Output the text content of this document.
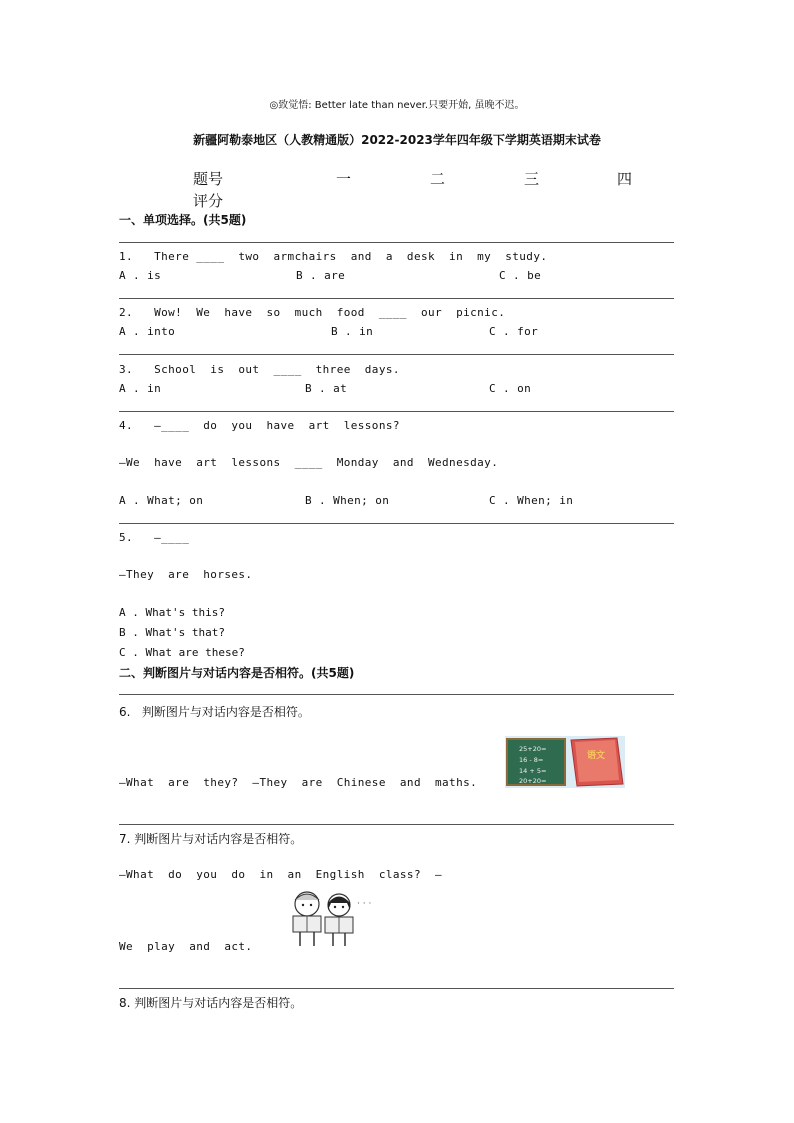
◎致觉悟: Better late than never.只要开始, 虽晚不迟。
新疆阿勒泰地区（人教精通版）2022-2023学年四年级下学期英语期末试卷
题号	一	二	三	四
评分
一、单项选择。(共5题)
1.   There ____  two  armchairs  and  a  desk  in  my  study.
A . is	B . are	C . be
2.   Wow!  We  have  so  much  food  ____  our  picnic.
A . into	B . in	C . for
3.   School  is  out  ____  three  days.
A . in	B . at	C . on
4.   —____  do  you  have  art  lessons?
—We  have  art  lessons  ____  Monday  and  Wednesday.
A . What; on	B . When; on	C . When; in
5.   —____
—They  are  horses.
A . What's this?
B . What's that?
C . What are these?
二、判断图片与对话内容是否相符。(共5题)
6.   判断图片与对话内容是否相符。
—What  are  they?  —They  are  Chinese  and  maths.
25+20=
16 - 8=
14 + 5=
20+20=
语文
7. 判断图片与对话内容是否相符。
—What  do  you  do  in  an  English  class?  —
We  play  and  act.
· · ·
8. 判断图片与对话内容是否相符。
